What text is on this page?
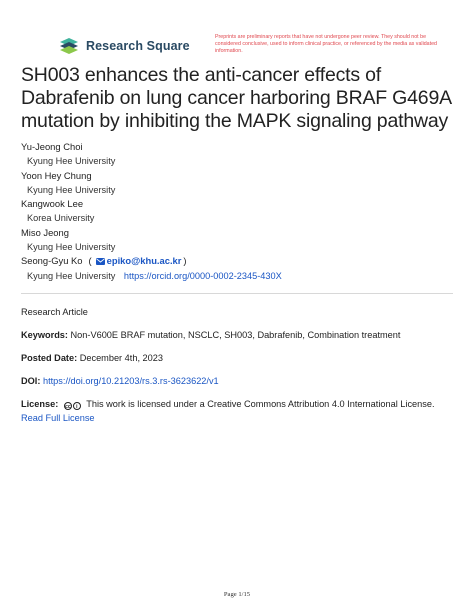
Research Square
Preprints are preliminary reports that have not undergone peer review. They should not be considered conclusive, used to inform clinical practice, or referenced by the media as validated information.
SH003 enhances the anti-cancer effects of Dabrafenib on lung cancer harboring BRAF G469A mutation by inhibiting the MAPK signaling pathway
Yu-Jeong Choi
Kyung Hee University
Yoon Hey Chung
Kyung Hee University
Kangwook Lee
Korea University
Miso Jeong
Kyung Hee University
Seong-Gyu Ko ( epiko@khu.ac.kr )
Kyung Hee University https://orcid.org/0000-0002-2345-430X
Research Article
Keywords: Non-V600E BRAF mutation, NSCLC, SH003, Dabrafenib, Combination treatment
Posted Date: December 4th, 2023
DOI: https://doi.org/10.21203/rs.3.rs-3623622/v1
License: cc	i This work is licensed under a Creative Commons Attribution 4.0 International License.
Read Full License
Page 1/15
